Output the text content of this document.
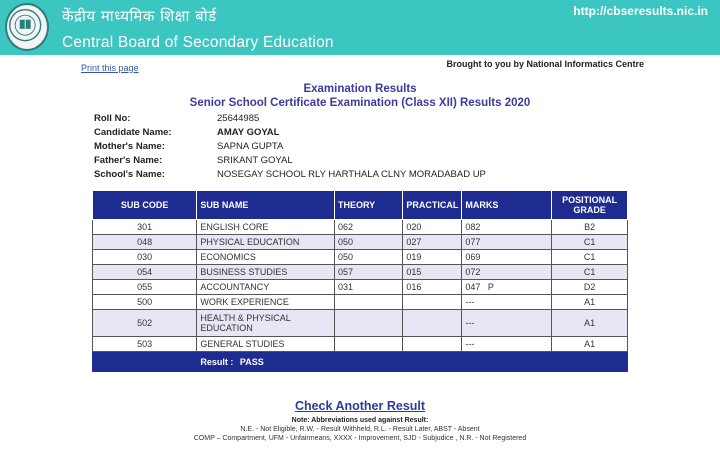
केंद्रीय माध्यमिक शिक्षा बोर्ड
Central Board of Secondary Education
http://cbseresults.nic.in
Print this page	Brought to you by National Informatics Centre
Examination Results
Senior School Certificate Examination (Class XII) Results 2020
Roll No:	25644985
Candidate Name:	AMAY GOYAL
Mother's Name:	SAPNA GUPTA
Father's Name:	SRIKANT GOYAL
School's Name:	NOSEGAY SCHOOL RLY HARTHALA CLNY MORADABAD UP
SUB CODE	SUB NAME	THEORY	PRACTICAL	MARKS	POSITIONAL GRADE
301	ENGLISH CORE	062	020	082	B2
048	PHYSICAL EDUCATION	050	027	077	C1
030	ECONOMICS	050	019	069	C1
054	BUSINESS STUDIES	057	015	072	C1
055	ACCOUNTANCY	031	016	047   P	D2
500	WORK EXPERIENCE			---	A1
502	HEALTH & PHYSICAL EDUCATION			---	A1
503	GENERAL STUDIES			---	A1
	Result : PASS				
Check Another Result
Note: Abbreviations used against Result:
N.E. - Not Eligible, R.W. - Result Withheld, R.L. - Result Later, ABST - Absent
COMP – Compartment, UFM - Unfairmeans, XXXX - Improvement, SJD - Subjudice , N.R. - Not Registered
